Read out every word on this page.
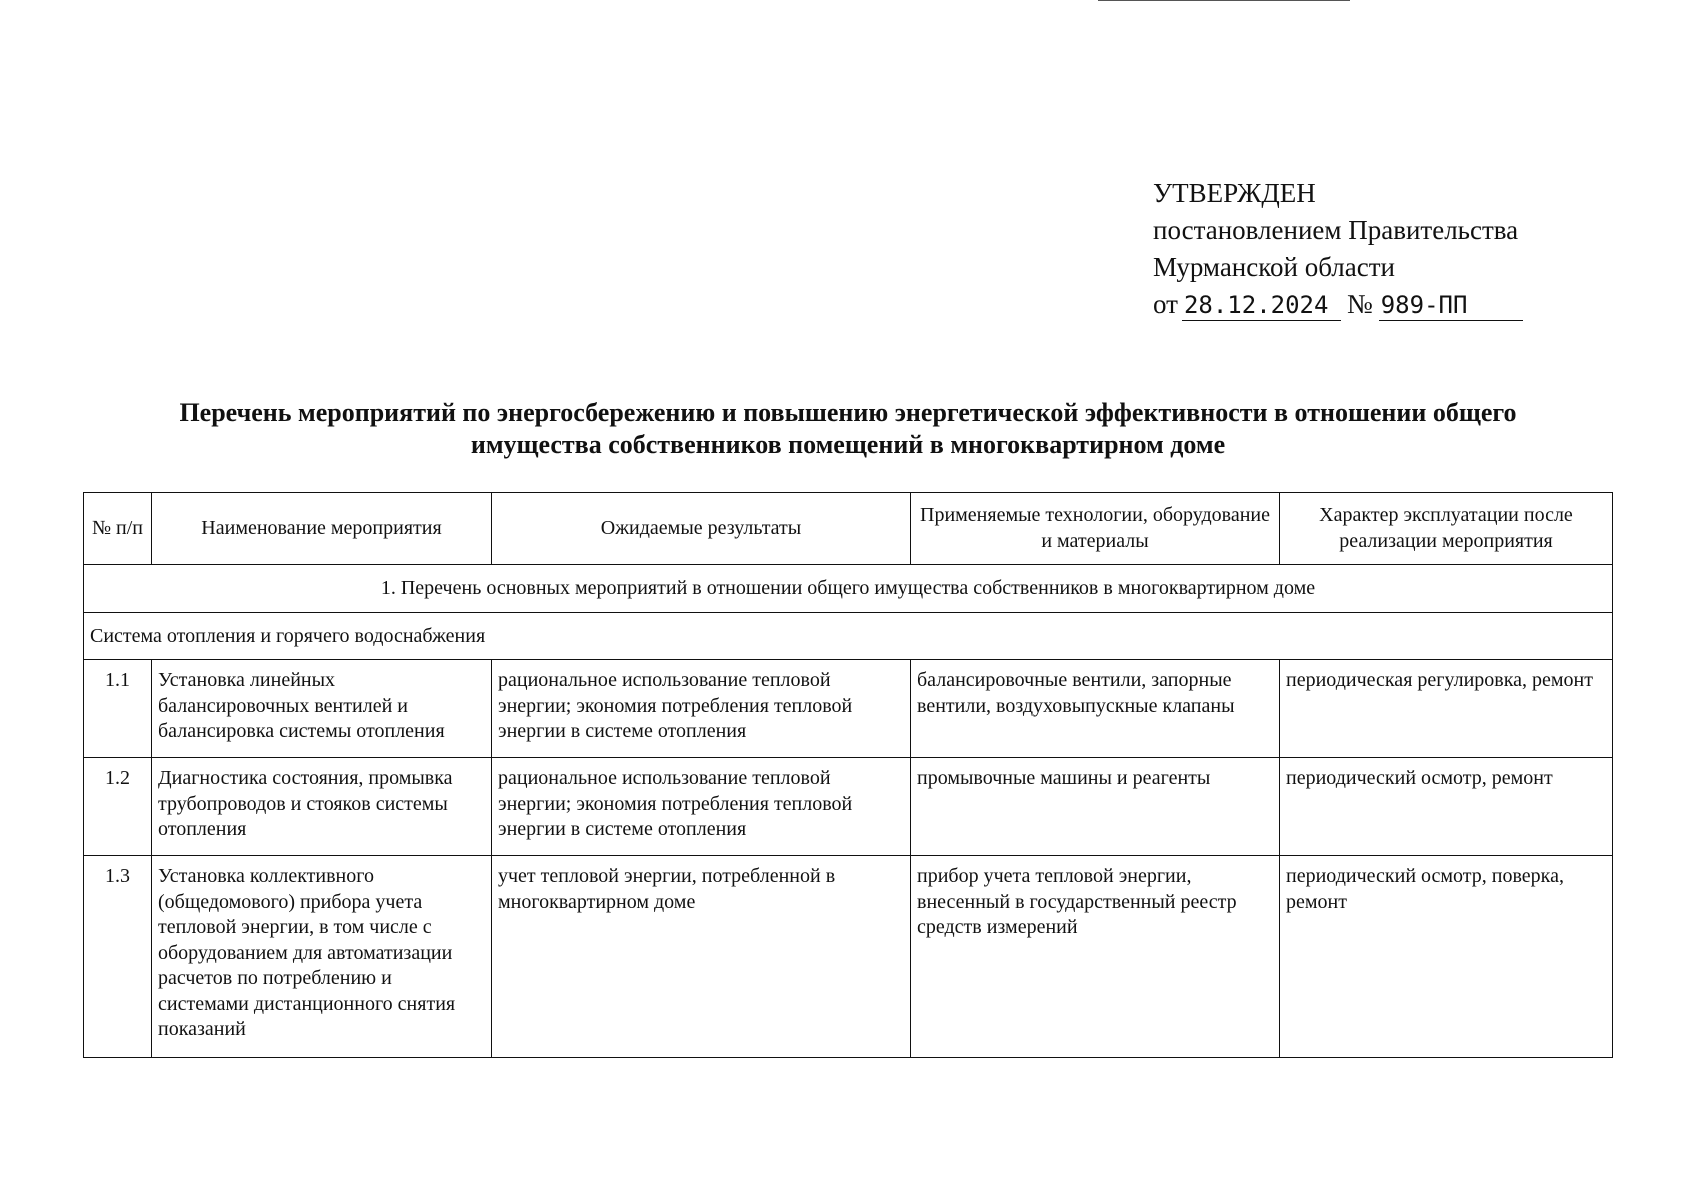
УТВЕРЖДЕН
постановлением Правительства
Мурманской области
от 28.12.2024 № 989-ПП
Перечень мероприятий по энергосбережению и повышению энергетической эффективности в отношении общего
имущества собственников помещений в многоквартирном доме
№ п/п	Наименование мероприятия	Ожидаемые результаты	Применяемые технологии, оборудование и материалы	Характер эксплуатации после реализации мероприятия
1. Перечень основных мероприятий в отношении общего имущества собственников в многоквартирном доме				
Система отопления и горячего водоснабжения				
1.1	Установка линейных балансировочных вентилей и балансировка системы отопления	рациональное использование тепловой энергии; экономия потребления тепловой энергии в системе отопления	балансировочные вентили, запорные вентили, воздуховыпускные клапаны	периодическая регулировка, ремонт
1.2	Диагностика состояния, промывка трубопроводов и стояков системы отопления	рациональное использование тепловой энергии; экономия потребления тепловой энергии в системе отопления	промывочные машины и реагенты	периодический осмотр, ремонт
1.3	Установка коллективного (общедомового) прибора учета тепловой энергии, в том числе с оборудованием для автоматизации расчетов по потреблению и системами дистанционного снятия показаний	учет тепловой энергии, потребленной в многоквартирном доме	прибор учета тепловой энергии, внесенный в государственный реестр средств измерений	периодический осмотр, поверка, ремонт
